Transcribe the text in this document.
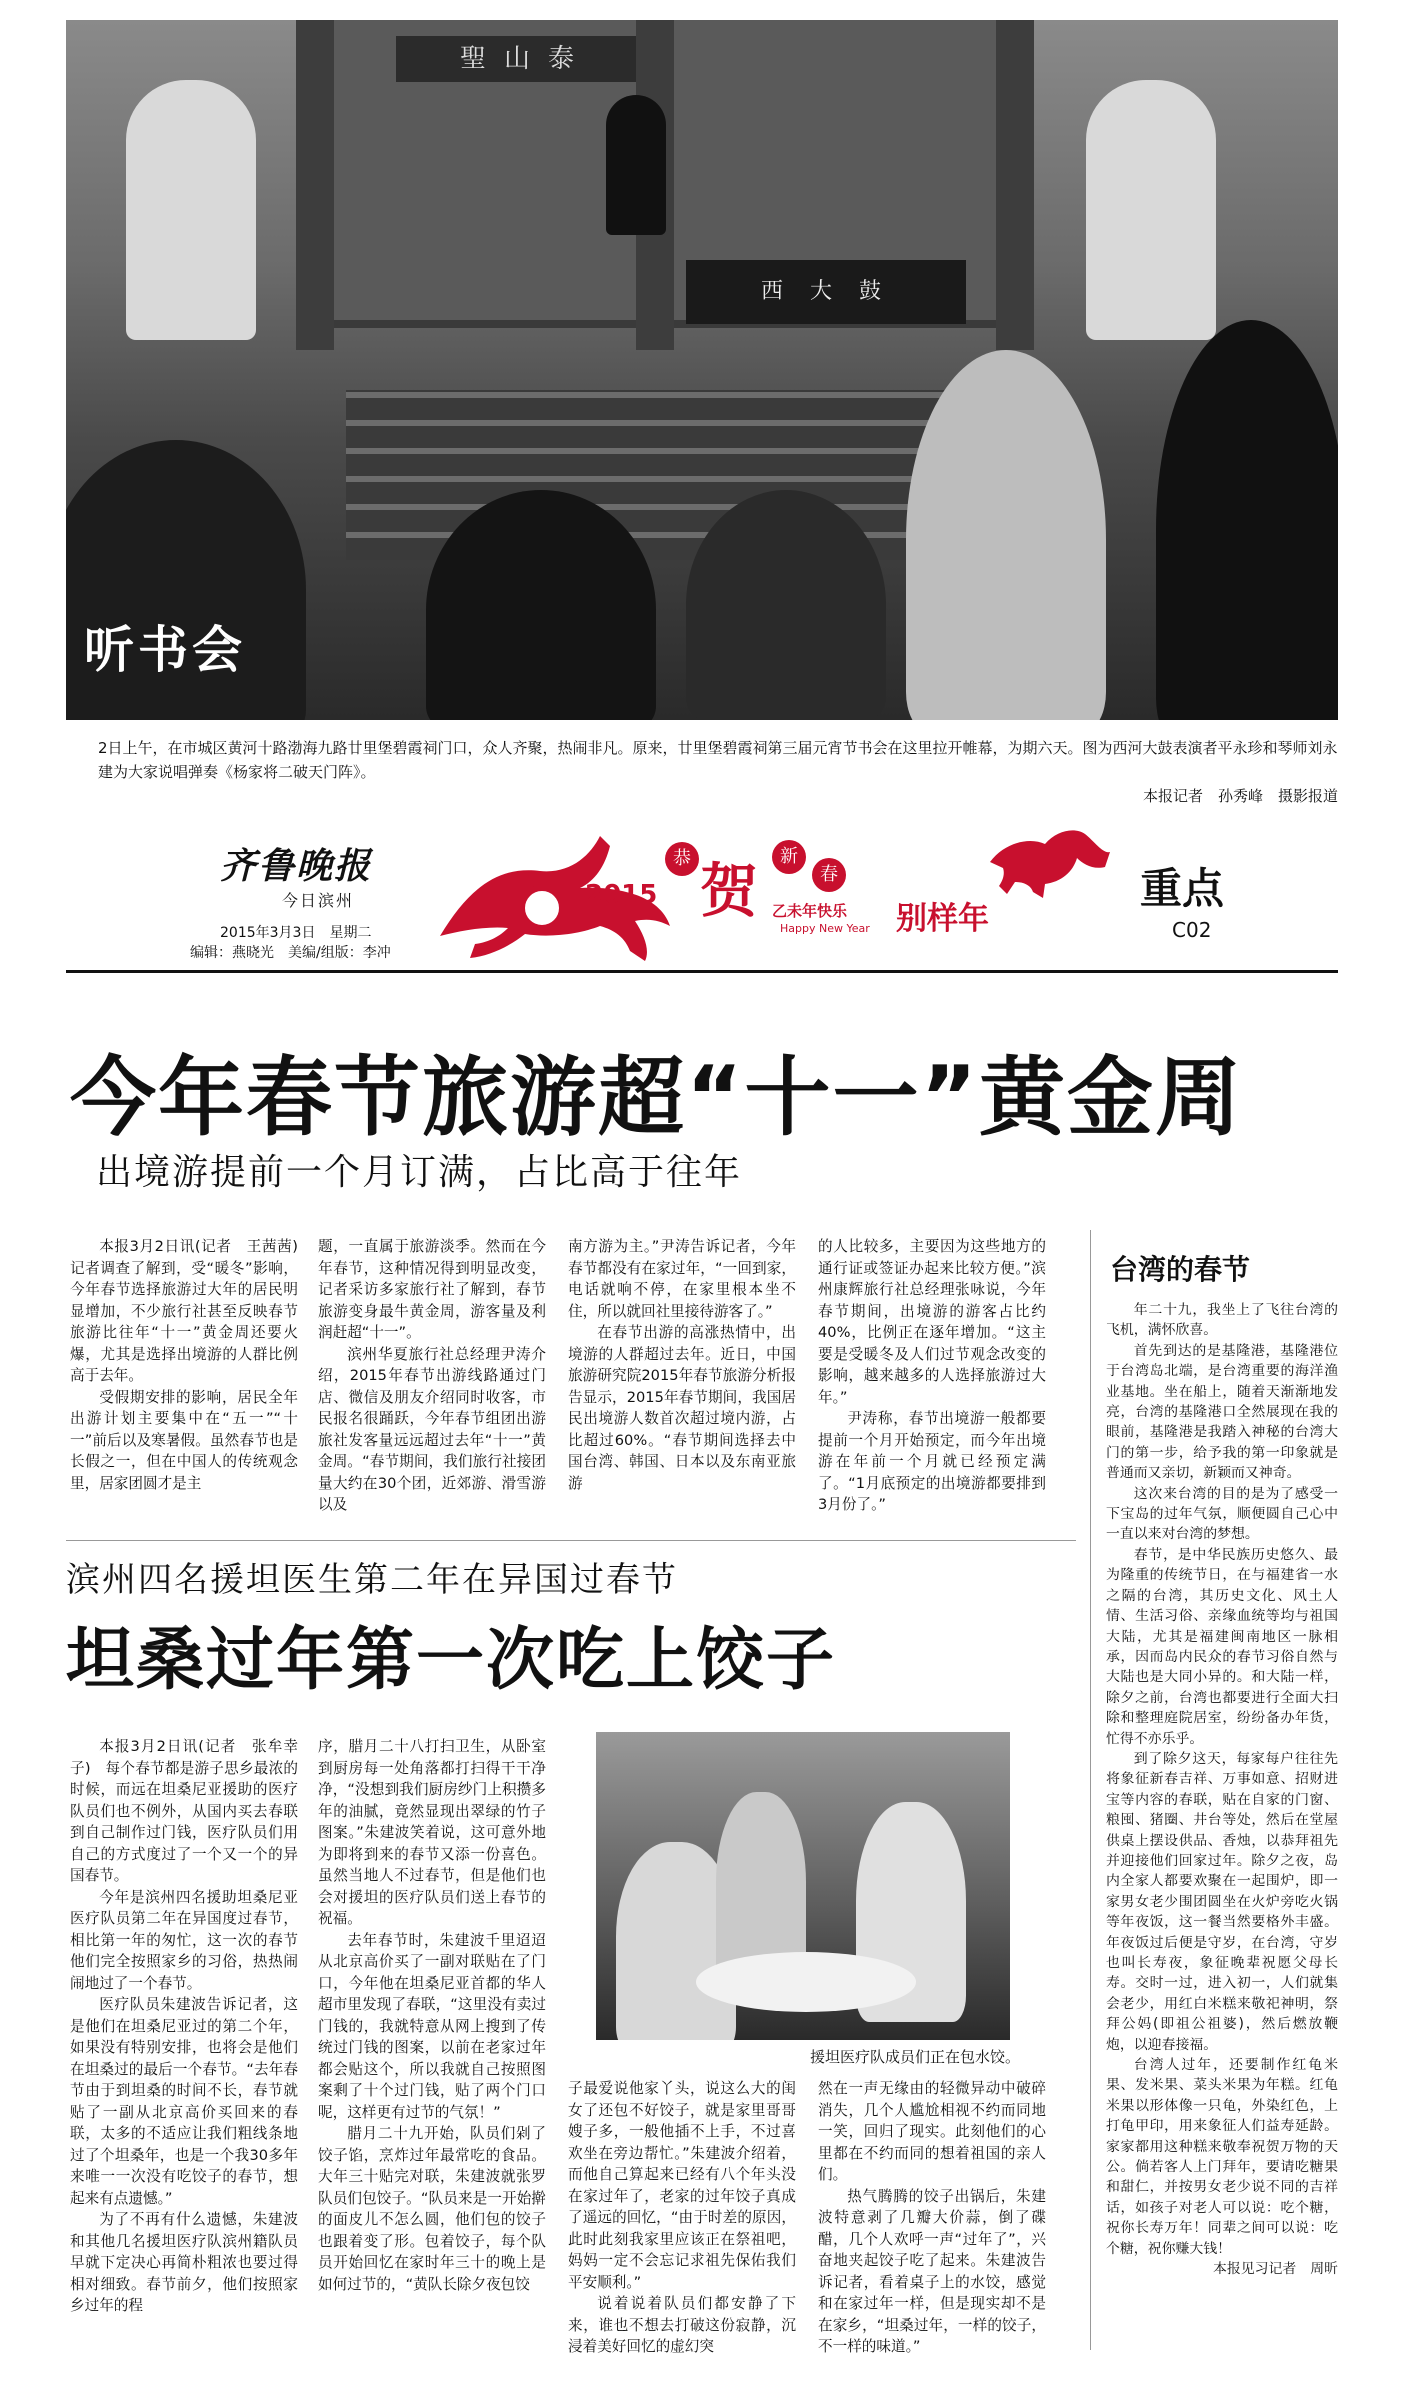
聖山泰
西 大 鼓
听书会
2日上午，在市城区黄河十路渤海九路廿里堡碧霞祠门口，众人齐聚，热闹非凡。原来，廿里堡碧霞祠第三届元宵节书会在这里拉开帷幕，为期六天。图为西河大鼓表演者平永珍和琴师刘永建为大家说唱弹奏《杨家将二破天门阵》。
本报记者　孙秀峰　摄影报道
齐鲁晚报
今日滨州
2015年3月3日　星期二
编辑：燕晓光　美编/组版：李冲
2015
恭 贺
新
春
乙未年快乐
Happy New Year 别样年
重点
C02
今年春节旅游超“十一”黄金周
出境游提前一个月订满，占比高于往年

本报3月2日讯(记者　王茜茜)　记者调查了解到，受“暖冬”影响，今年春节选择旅游过大年的居民明显增加，不少旅行社甚至反映春节旅游比往年“十一”黄金周还要火爆，尤其是选择出境游的人群比例高于去年。

受假期安排的影响，居民全年出游计划主要集中在“五一”“十一”前后以及寒暑假。虽然春节也是长假之一，但在中国人的传统观念里，居家团圆才是主

题，一直属于旅游淡季。然而在今年春节，这种情况得到明显改变，记者采访多家旅行社了解到，春节旅游变身最牛黄金周，游客量及利润赶超“十一”。

滨州华夏旅行社总经理尹涛介绍，2015年春节出游线路通过门店、微信及朋友介绍同时收客，市民报名很踊跃，今年春节组团出游旅社发客量远远超过去年“十一”黄金周。“春节期间，我们旅行社接团量大约在30个团，近郊游、滑雪游以及

南方游为主。”尹涛告诉记者，今年春节都没有在家过年，“一回到家，电话就响不停，在家里根本坐不住，所以就回社里接待游客了。”

在春节出游的高涨热情中，出境游的人群超过去年。近日，中国旅游研究院2015年春节旅游分析报告显示，2015年春节期间，我国居民出境游人数首次超过境内游，占比超过60%。“春节期间选择去中国台湾、韩国、日本以及东南亚旅游

的人比较多，主要因为这些地方的通行证或签证办起来比较方便。”滨州康辉旅行社总经理张咏说，今年春节期间，出境游的游客占比约40%，比例正在逐年增加。“这主要是受暖冬及人们过节观念改变的影响，越来越多的人选择旅游过大年。”

尹涛称，春节出境游一般都要提前一个月开始预定，而今年出境游在年前一个月就已经预定满了。“1月底预定的出境游都要排到3月份了。”

台湾的春节

年二十九，我坐上了飞往台湾的飞机，满怀欣喜。

首先到达的是基隆港，基隆港位于台湾岛北端，是台湾重要的海洋渔业基地。坐在船上，随着天渐渐地发亮，台湾的基隆港口全然展现在我的眼前，基隆港是我踏入神秘的台湾大门的第一步，给予我的第一印象就是普通而又亲切，新颖而又神奇。

这次来台湾的目的是为了感受一下宝岛的过年气氛，顺便圆自己心中一直以来对台湾的梦想。

春节，是中华民族历史悠久、最为隆重的传统节日，在与福建省一水之隔的台湾，其历史文化、风土人情、生活习俗、亲缘血统等均与祖国大陆，尤其是福建闽南地区一脉相承，因而岛内民众的春节习俗自然与大陆也是大同小异的。和大陆一样，除夕之前，台湾也都要进行全面大扫除和整理庭院居室，纷纷备办年货，忙得不亦乐乎。

到了除夕这天，每家每户往往先将象征新春吉祥、万事如意、招财进宝等内容的春联，贴在自家的门窗、粮囤、猪圈、井台等处，然后在堂屋供桌上摆设供品、香烛，以恭拜祖先并迎接他们回家过年。除夕之夜，岛内全家人都要欢聚在一起围炉，即一家男女老少围团圆坐在火炉旁吃火锅等年夜饭，这一餐当然要格外丰盛。年夜饭过后便是守岁，在台湾，守岁也叫长寿夜，象征晚辈祝愿父母长寿。交时一过，进入初一，人们就集会老少，用红白米糕来敬祀神明，祭拜公妈(即祖公祖婆)，然后燃放鞭炮，以迎春接福。

台湾人过年，还要制作红龟米果、发米果、菜头米果为年糕。红龟米果以形体像一只龟，外染红色，上打龟甲印，用来象征人们益寿延龄。家家都用这种糕来敬奉祝贺万物的天公。倘若客人上门拜年，要请吃糖果和甜仁，并按男女老少说不同的吉祥话，如孩子对老人可以说：吃个糖，祝你长寿万年！同辈之间可以说：吃个糖，祝你赚大钱！

本报见习记者　周昕

滨州四名援坦医生第二年在异国过春节
坦桑过年第一次吃上饺子

本报3月2日讯(记者　张牟幸子)　每个春节都是游子思乡最浓的时候，而远在坦桑尼亚援助的医疗队员们也不例外，从国内买去春联到自己制作过门钱，医疗队员们用自己的方式度过了一个又一个的异国春节。

今年是滨州四名援助坦桑尼亚医疗队员第二年在异国度过春节，相比第一年的匆忙，这一次的春节他们完全按照家乡的习俗，热热闹闹地过了一个春节。

医疗队员朱建波告诉记者，这是他们在坦桑尼亚过的第二个年，如果没有特别安排，也将会是他们在坦桑过的最后一个春节。“去年春节由于到坦桑的时间不长，春节就贴了一副从北京高价买回来的春联，太多的不适应让我们粗线条地过了个坦桑年，也是一个我30多年来唯一一次没有吃饺子的春节，想起来有点遗憾。”

为了不再有什么遗憾，朱建波和其他几名援坦医疗队滨州籍队员早就下定决心再简朴粗浓也要过得相对细致。春节前夕，他们按照家乡过年的程

序，腊月二十八打扫卫生，从卧室到厨房每一处角落都打扫得干干净净，“没想到我们厨房纱门上积攒多年的油腻，竟然显现出翠绿的竹子图案。”朱建波笑着说，这可意外地为即将到来的春节又添一份喜色。虽然当地人不过春节，但是他们也会对援坦的医疗队员们送上春节的祝福。

去年春节时，朱建波千里迢迢从北京高价买了一副对联贴在了门口，今年他在坦桑尼亚首都的华人超市里发现了春联，“这里没有卖过门钱的，我就特意从网上搜到了传统过门钱的图案，以前在老家过年都会贴这个，所以我就自己按照图案剩了十个过门钱，贴了两个门口呢，这样更有过节的气氛！”

腊月二十九开始，队员们剁了饺子馅，烹炸过年最常吃的食品。大年三十贴完对联，朱建波就张罗队员们包饺子。“队员来是一开始擀的面皮儿不怎么圆，他们包的饺子也跟着变了形。包着饺子，每个队员开始回忆在家时年三十的晚上是如何过节的，“黄队长除夕夜包饺

援坦医疗队成员们正在包水饺。

子最爱说他家丫头，说这么大的闺女了还包不好饺子，就是家里哥哥嫂子多，一般他插不上手，不过喜欢坐在旁边帮忙。”朱建波介绍着，而他自己算起来已经有八个年头没在家过年了，老家的过年饺子真成了遥远的回忆，“由于时差的原因，此时此刻我家里应该正在祭祖吧，妈妈一定不会忘记求祖先保佑我们平安顺利。”

说着说着队员们都安静了下来，谁也不想去打破这份寂静，沉浸着美好回忆的虚幻突

然在一声无缘由的轻微异动中破碎消失，几个人尴尬相视不约而同地一笑，回归了现实。此刻他们的心里都在不约而同的想着祖国的亲人们。

热气腾腾的饺子出锅后，朱建波特意剥了几瓣大价蒜，倒了碟醋，几个人欢呼一声“过年了”，兴奋地夹起饺子吃了起来。朱建波告诉记者，看着桌子上的水饺，感觉和在家过年一样，但是现实却不是在家乡，“坦桑过年，一样的饺子，不一样的味道。”
